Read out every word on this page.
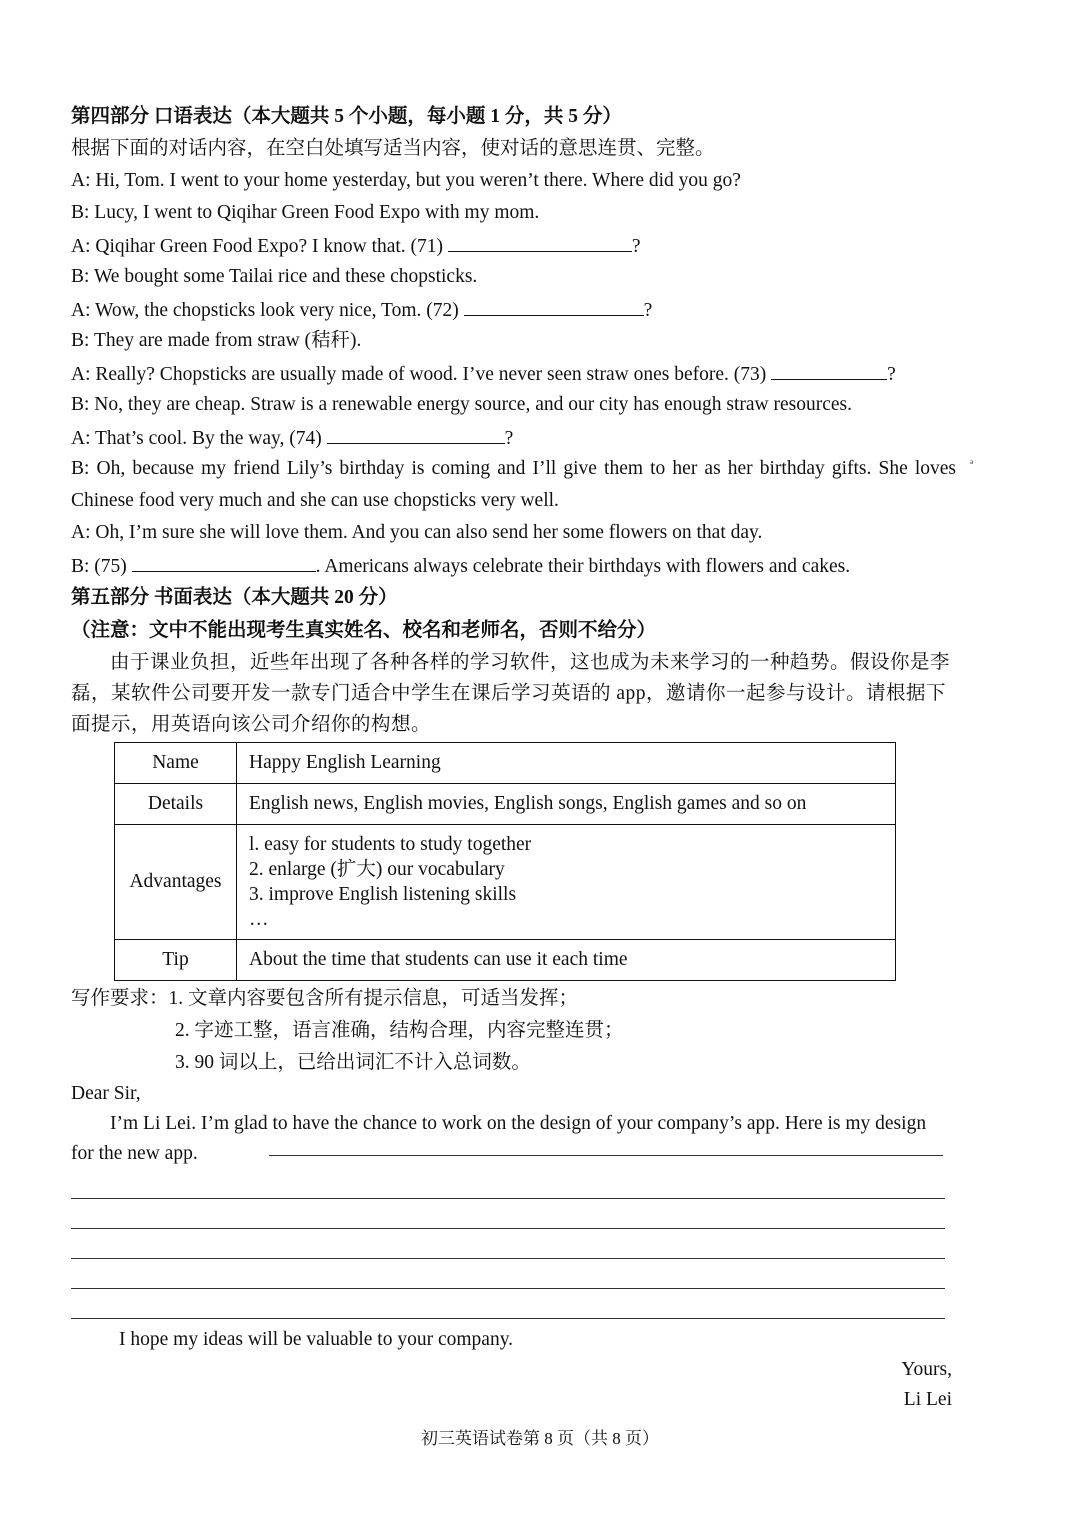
第四部分 口语表达（本大题共 5 个小题，每小题 1 分，共 5 分）
根据下面的对话内容，在空白处填写适当内容，使对话的意思连贯、完整。
A: Hi, Tom. I went to your home yesterday, but you weren’t there. Where did you go?
B: Lucy, I went to Qiqihar Green Food Expo with my mom.
A: Qiqihar Green Food Expo? I know that. (71)	?
B: We bought some Tailai rice and these chopsticks.
A: Wow, the chopsticks look very nice, Tom. (72)	?
B: They are made from straw (秸秆).
A: Really? Chopsticks are usually made of wood. I’ve never seen straw ones before. (73)	?
B: No, they are cheap. Straw is a renewable energy source, and our city has enough straw resources.
A: That’s cool. By the way, (74)	?
B: Oh, because my friend Lily’s birthday is coming and I’ll give them to her as her birthday gifts. She loves Chinese food very much and she can use chopsticks very well.
A: Oh, I’m sure she will love them. And you can also send her some flowers on that day.
B: (75)	. Americans always celebrate their birthdays with flowers and cakes.
第五部分 书面表达（本大题共 20 分）
（注意：文中不能出现考生真实姓名、校名和老师名，否则不给分）
由于课业负担，近些年出现了各种各样的学习软件，这也成为未来学习的一种趋势。假设你是李磊，某软件公司要开发一款专门适合中学生在课后学习英语的 app，邀请你一起参与设计。请根据下面提示，用英语向该公司介绍你的构想。
Name	Happy English Learning
Details	English news, English movies, English songs, English games and so on
Advantages	l. easy for students to study together
2. enlarge (扩大) our vocabulary
3. improve English listening skills
…

Tip	About the time that students can use it each time
写作要求：1. 文章内容要包含所有提示信息，可适当发挥；
2. 字迹工整，语言准确，结构合理，内容完整连贯；
3. 90 词以上，已给出词汇不计入总词数。
Dear Sir,
I’m Li Lei. I’m glad to have the chance to work on the design of your company’s app. Here is my design for the new app.
I hope my ideas will be valuable to your company.
Yours,
Li Lei
初三英语试卷第 8 页（共 8 页）
ª
